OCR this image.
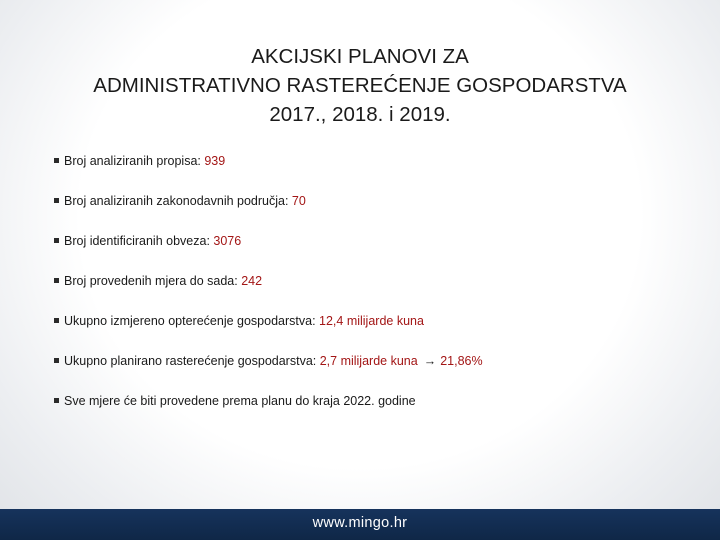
AKCIJSKI PLANOVI ZA
ADMINISTRATIVNO RASTEREĆENJE GOSPODARSTVA
2017., 2018. i 2019.
Broj analiziranih propisa: 939
Broj analiziranih zakonodavnih područja: 70
Broj identificiranih obveza: 3076
Broj provedenih mjera do sada: 242
Ukupno izmjereno opterećenje gospodarstva: 12,4 milijarde kuna
Ukupno planirano rasterećenje gospodarstva: 2,7 milijarde kuna → 21,86%
Sve mjere će biti provedene prema planu do kraja 2022. godine
www.mingo.hr
